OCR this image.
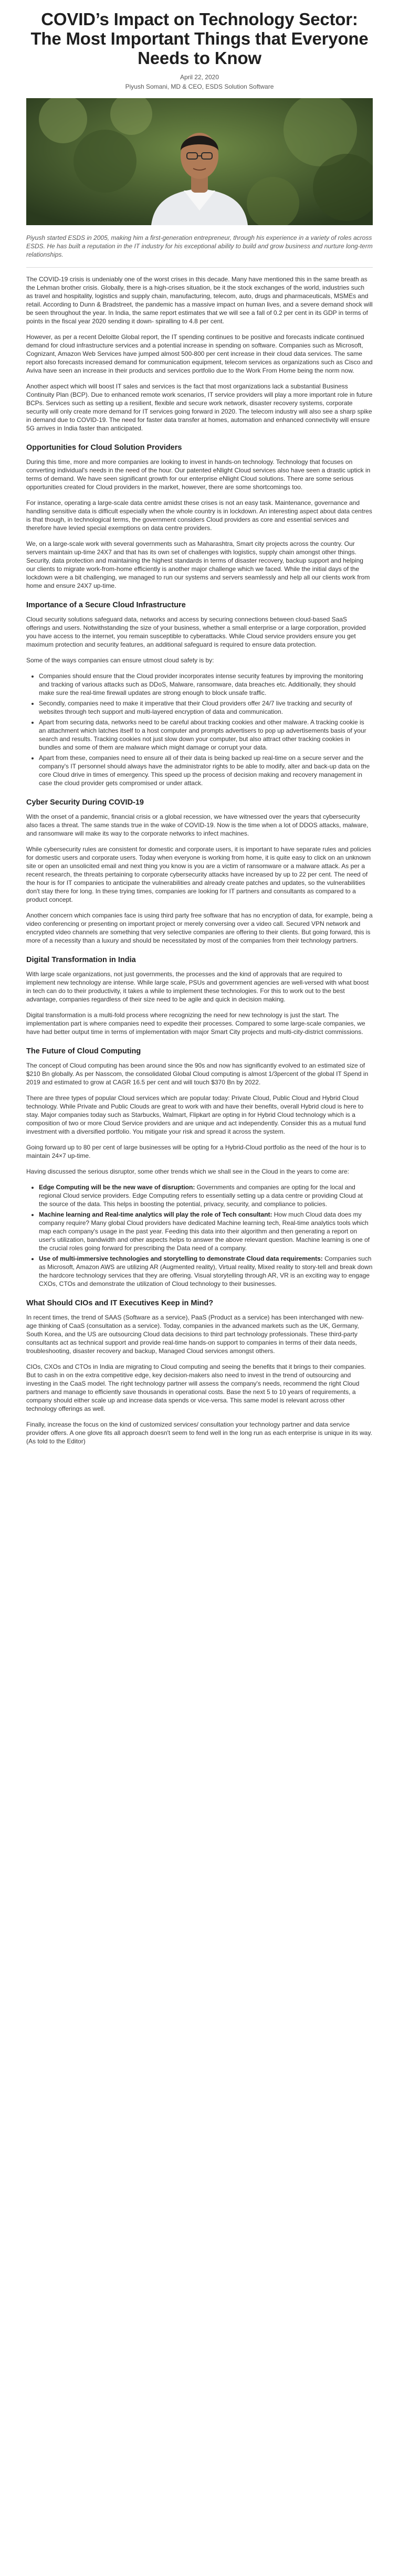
COVID’s Impact on Technology Sector: The Most Important Things that Everyone Needs to Know
April 22, 2020
Piyush Somani, MD & CEO, ESDS Solution Software

Piyush started ESDS in 2005, making him a first-generation entrepreneur, through his experience in a variety of roles across ESDS. He has built a reputation in the IT industry for his exceptional ability to build and grow business and nurture long-term relationships.

The COVID-19 crisis is undeniably one of the worst crises in this decade. Many have mentioned this in the same breath as the Lehman brother crisis. Globally, there is a high-crises situation, be it the stock exchanges of the world, industries such as travel and hospitality, logistics and supply chain, manufacturing, telecom, auto, drugs and pharmaceuticals, MSMEs and retail. According to Dunn & Bradstreet, the pandemic has a massive impact on human lives, and a severe demand shock will be seen throughout the year. In India, the same report estimates that we will see a fall of 0.2 per cent in its GDP in terms of points in the fiscal year 2020 sending it down- spiralling to 4.8 per cent.

However, as per a recent Deloitte Global report, the IT spending continues to be positive and forecasts indicate continued demand for cloud infrastructure services and a potential increase in spending on software. Companies such as Microsoft, Cognizant, Amazon Web Services have jumped almost 500-800 per cent increase in their cloud data services. The same report also forecasts increased demand for communication equipment, telecom services as organizations such as Cisco and Aviva have seen an increase in their products and services portfolio due to the Work From Home being the norm now.

Another aspect which will boost IT sales and services is the fact that most organizations lack a substantial Business Continuity Plan (BCP). Due to enhanced remote work scenarios, IT service providers will play a more important role in future BCPs. Services such as setting up a resilient, flexible and secure work network, disaster recovery systems, corporate security will only create more demand for IT services going forward in 2020. The telecom industry will also see a sharp spike in demand due to COVID-19. The need for faster data transfer at homes, automation and enhanced connectivity will ensure 5G arrives in India faster than anticipated.

Opportunities for Cloud Solution Providers

During this time, more and more companies are looking to invest in hands-on technology. Technology that focuses on converting individual's needs in the need of the hour. Our patented eNlight Cloud services also have seen a drastic uptick in terms of demand. We have seen significant growth for our enterprise eNlight Cloud solutions. There are some serious opportunities created for Cloud providers in the market, however, there are some shortcomings too.

For instance, operating a large-scale data centre amidst these crises is not an easy task. Maintenance, governance and handling sensitive data is difficult especially when the whole country is in lockdown. An interesting aspect about data centres is that though, in technological terms, the government considers Cloud providers as core and essential services and therefore have levied special exemptions on data centre providers.

We, on a large-scale work with several governments such as Maharashtra, Smart city projects across the country. Our servers maintain up-time 24X7 and that has its own set of challenges with logistics, supply chain amongst other things. Security, data protection and maintaining the highest standards in terms of disaster recovery, backup support and helping our clients to migrate work-from-home efficiently is another major challenge which we faced. While the initial days of the lockdown were a bit challenging, we managed to run our systems and servers seamlessly and help all our clients work from home and ensure 24X7 up-time.

Importance of a Secure Cloud Infrastructure

Cloud security solutions safeguard data, networks and access by securing connections between cloud-based SaaS offerings and users. Notwithstanding the size of your business, whether a small enterprise or a large corporation, provided you have access to the internet, you remain susceptible to cyberattacks. While Cloud service providers ensure you get maximum protection and security features, an additional safeguard is required to ensure data protection.

Some of the ways companies can ensure utmost cloud safety is by:

• Companies should ensure that the Cloud provider incorporates intense security features by improving the monitoring and tracking of various attacks such as DDoS, Malware, ransomware, data breaches etc. Additionally, they should make sure the real-time firewall updates are strong enough to block unsafe traffic.
• Secondly, companies need to make it imperative that their Cloud providers offer 24/7 live tracking and security of websites through tech support and multi-layered encryption of data and communication.
• Apart from securing data, networks need to be careful about tracking cookies and other malware. A tracking cookie is an attachment which latches itself to a host computer and prompts advertisers to pop up advertisements basis of your search and results. Tracking cookies not just slow down your computer, but also attract other tracking cookies in bundles and some of them are malware which might damage or corrupt your data.
• Apart from these, companies need to ensure all of their data is being backed up real-time on a secure server and the company's IT personnel should always have the administrator rights to be able to modify, alter and back-up data on the core Cloud drive in times of emergency. This speed up the process of decision making and recovery management in case the cloud provider gets compromised or under attack.
Cyber Security During COVID-19

With the onset of a pandemic, financial crisis or a global recession, we have witnessed over the years that cybersecurity also faces a threat. The same stands true in the wake of COVID-19. Now is the time when a lot of DDOS attacks, malware, and ransomware will make its way to the corporate networks to infect machines.

While cybersecurity rules are consistent for domestic and corporate users, it is important to have separate rules and policies for domestic users and corporate users. Today when everyone is working from home, it is quite easy to click on an unknown site or open an unsolicited email and next thing you know is you are a victim of ransomware or a malware attack. As per a recent research, the threats pertaining to corporate cybersecurity attacks have increased by up to 22 per cent. The need of the hour is for IT companies to anticipate the vulnerabilities and already create patches and updates, so the vulnerabilities don't stay there for long. In these trying times, companies are looking for IT partners and consultants as compared to a product concept.

Another concern which companies face is using third party free software that has no encryption of data, for example, being a video conferencing or presenting on important project or merely conversing over a video call. Secured VPN network and encrypted video channels are something that very selective companies are offering to their clients. But going forward, this is more of a necessity than a luxury and should be necessitated by most of the companies from their technology partners.

Digital Transformation in India

With large scale organizations, not just governments, the processes and the kind of approvals that are required to implement new technology are intense. While large scale, PSUs and government agencies are well-versed with what boost in tech can do to their productivity, it takes a while to implement these technologies. For this to work out to the best advantage, companies regardless of their size need to be agile and quick in decision making.

Digital transformation is a multi-fold process where recognizing the need for new technology is just the start. The implementation part is where companies need to expedite their processes. Compared to some large-scale companies, we have had better output time in terms of implementation with major Smart City projects and multi-city-district commissions.

The Future of Cloud Computing

The concept of Cloud computing has been around since the 90s and now has significantly evolved to an estimated size of $210 Bn globally. As per Nasscom, the consolidated Global Cloud computing is almost 1/3percent of the global IT Spend in 2019 and estimated to grow at CAGR 16.5 per cent and will touch $370 Bn by 2022.

There are three types of popular Cloud services which are popular today: Private Cloud, Public Cloud and Hybrid Cloud technology. While Private and Public Clouds are great to work with and have their benefits, overall Hybrid cloud is here to stay. Major companies today such as Starbucks, Walmart, Flipkart are opting in for Hybrid Cloud technology which is a composition of two or more Cloud Service providers and are unique and act independently. Consider this as a mutual fund investment with a diversified portfolio. You mitigate your risk and spread it across the system.

Going forward up to 80 per cent of large businesses will be opting for a Hybrid-Cloud portfolio as the need of the hour is to maintain 24×7 up-time.

Having discussed the serious disruptor, some other trends which we shall see in the Cloud in the years to come are:

• Edge Computing will be the new wave of disruption: Governments and companies are opting for the local and regional Cloud service providers. Edge Computing refers to essentially setting up a data centre or providing Cloud at the source of the data. This helps in boosting the potential, privacy, security, and compliance to policies.
• Machine learning and Real-time analytics will play the role of Tech consultant: How much Cloud data does my company require? Many global Cloud providers have dedicated Machine learning tech, Real-time analytics tools which map each company's usage in the past year. Feeding this data into their algorithm and then generating a report on user's utilization, bandwidth and other aspects helps to answer the above relevant question. Machine learning is one of the crucial roles going forward for prescribing the Data need of a company.
• Use of multi-immersive technologies and storytelling to demonstrate Cloud data requirements: Companies such as Microsoft, Amazon AWS are utilizing AR (Augmented reality), Virtual reality, Mixed reality to story-tell and break down the hardcore technology services that they are offering. Visual storytelling through AR, VR is an exciting way to engage CXOs, CTOs and demonstrate the utilization of Cloud technology to their businesses.
What Should CIOs and IT Executives Keep in Mind?

In recent times, the trend of SAAS (Software as a service), PaaS (Product as a service) has been interchanged with new-age thinking of CaaS (consultation as a service). Today, companies in the advanced markets such as the UK, Germany, South Korea, and the US are outsourcing Cloud data decisions to third part technology professionals. These third-party consultants act as technical support and provide real-time hands-on support to companies in terms of their data needs, troubleshooting, disaster recovery and backup, Managed Cloud services amongst others.

CIOs, CXOs and CTOs in India are migrating to Cloud computing and seeing the benefits that it brings to their companies. But to cash in on the extra competitive edge, key decision-makers also need to invest in the trend of outsourcing and investing in the CaaS model. The right technology partner will assess the company's needs, recommend the right Cloud partners and manage to efficiently save thousands in operational costs. Base the next 5 to 10 years of requirements, a company should either scale up and increase data spends or vice-versa. This same model is relevant across other technology offerings as well.

Finally, increase the focus on the kind of customized services/ consultation your technology partner and data service provider offers. A one glove fits all approach doesn't seem to fend well in the long run as each enterprise is unique in its way. (As told to the Editor)
